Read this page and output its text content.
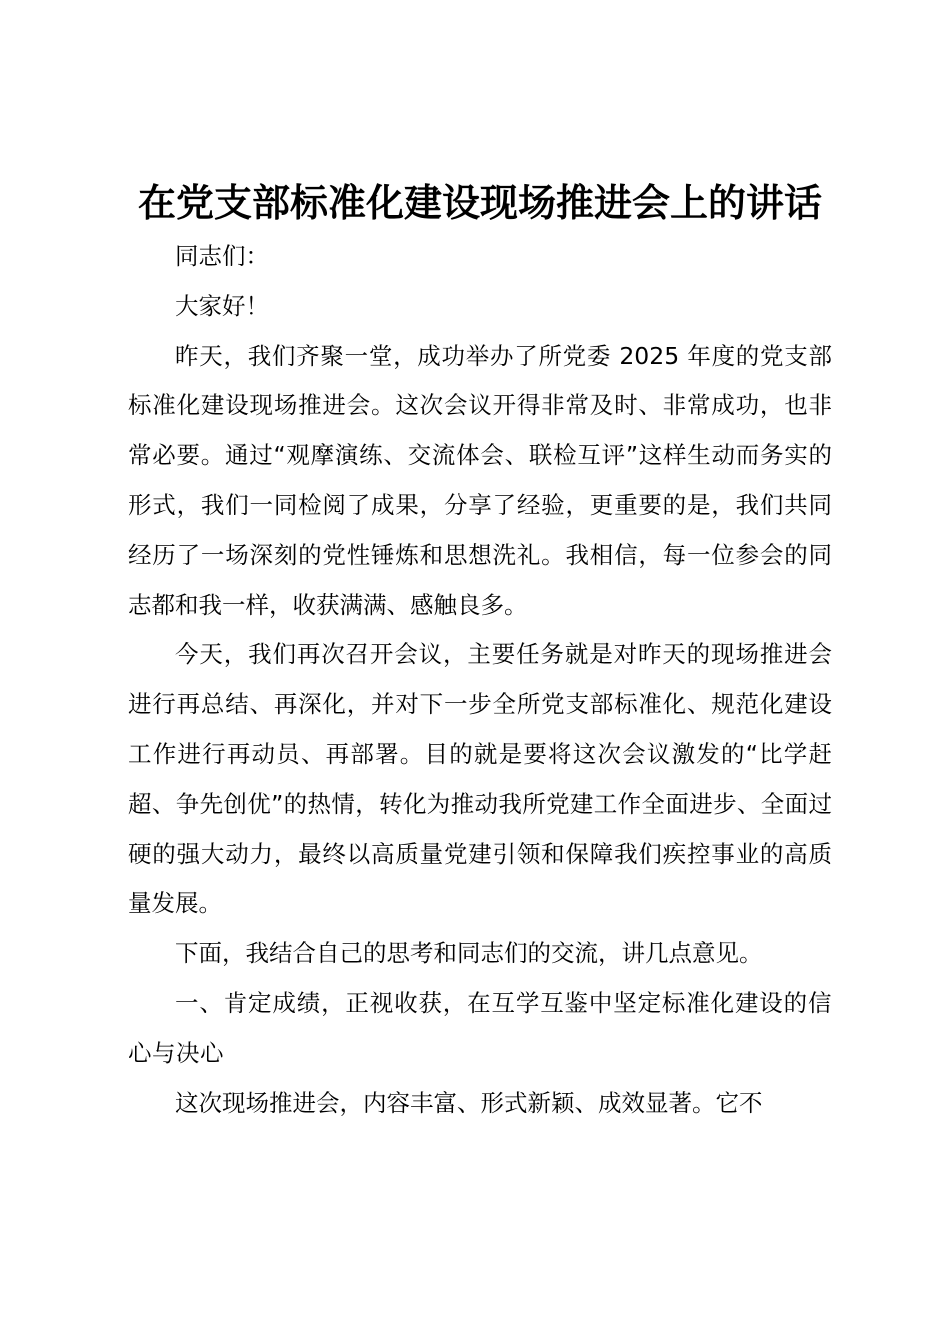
在党支部标准化建设现场推进会上的讲话

同志们：

大家好！

昨天，我们齐聚一堂，成功举办了所党委 2025 年度的党支部标准化建设现场推进会。这次会议开得非常及时、非常成功，也非常必要。通过“观摩演练、交流体会、联检互评”这样生动而务实的形式，我们一同检阅了成果，分享了经验，更重要的是，我们共同经历了一场深刻的党性锤炼和思想洗礼。我相信，每一位参会的同志都和我一样，收获满满、感触良多。

今天，我们再次召开会议，主要任务就是对昨天的现场推进会进行再总结、再深化，并对下一步全所党支部标准化、规范化建设工作进行再动员、再部署。目的就是要将这次会议激发的“比学赶超、争先创优”的热情，转化为推动我所党建工作全面进步、全面过硬的强大动力，最终以高质量党建引领和保障我们疾控事业的高质量发展。

下面，我结合自己的思考和同志们的交流，讲几点意见。

一、肯定成绩，正视收获，在互学互鉴中坚定标准化建设的信心与决心

这次现场推进会，内容丰富、形式新颖、成效显著。它不
